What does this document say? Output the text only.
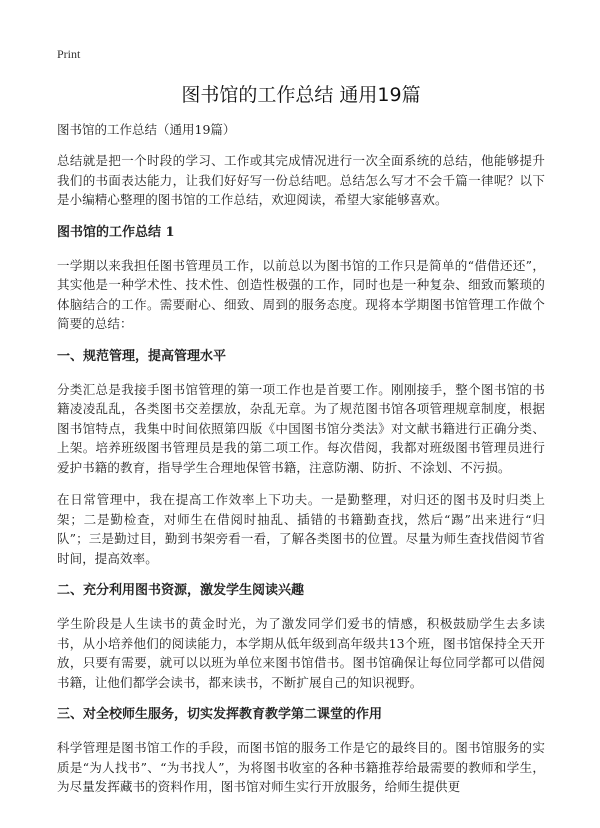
Print
图书馆的工作总结 通用19篇
图书馆的工作总结（通用19篇）

总结就是把一个时段的学习、工作或其完成情况进行一次全面系统的总结，他能够提升我们的书面表达能力，让我们好好写一份总结吧。总结怎么写才不会千篇一律呢？以下是小编精心整理的图书馆的工作总结，欢迎阅读，希望大家能够喜欢。

图书馆的工作总结 1

一学期以来我担任图书管理员工作，以前总以为图书馆的工作只是简单的“借借还还”，其实他是一种学术性、技术性、创造性极强的工作，同时也是一种复杂、细致而繁琐的体脑结合的工作。需要耐心、细致、周到的服务态度。现将本学期图书馆管理工作做个简要的总结：

一、规范管理，提高管理水平

分类汇总是我接手图书馆管理的第一项工作也是首要工作。刚刚接手，整个图书馆的书籍凌凌乱乱，各类图书交差摆放，杂乱无章。为了规范图书馆各项管理规章制度，根据图书馆特点，我集中时间依照第四版《中国图书馆分类法》对文献书籍进行正确分类、上架。培养班级图书管理员是我的第二项工作。每次借阅，我都对班级图书管理员进行爱护书籍的教育，指导学生合理地保管书籍，注意防潮、防折、不涂划、不污损。

在日常管理中，我在提高工作效率上下功夫。一是勤整理，对归还的图书及时归类上架；二是勤检查，对师生在借阅时抽乱、插错的书籍勤查找，然后“踢”出来进行“归队”；三是勤过目，勤到书架旁看一看，了解各类图书的位置。尽量为师生查找借阅节省时间，提高效率。

二、充分利用图书资源，激发学生阅读兴趣

学生阶段是人生读书的黄金时光，为了激发同学们爱书的情感，积极鼓励学生去多读书，从小培养他们的阅读能力，本学期从低年级到高年级共13个班，图书馆保持全天开放，只要有需要，就可以以班为单位来图书馆借书。图书馆确保让每位同学都可以借阅书籍，让他们都学会读书，都来读书，不断扩展自己的知识视野。

三、对全校师生服务，切实发挥教育教学第二课堂的作用

科学管理是图书馆工作的手段，而图书馆的服务工作是它的最终目的。图书馆服务的实质是“为人找书”、“为书找人”，为将图书收室的各种书籍推荐给最需要的教师和学生，为尽量发挥藏书的资料作用，图书馆对师生实行开放服务，给师生提供更
